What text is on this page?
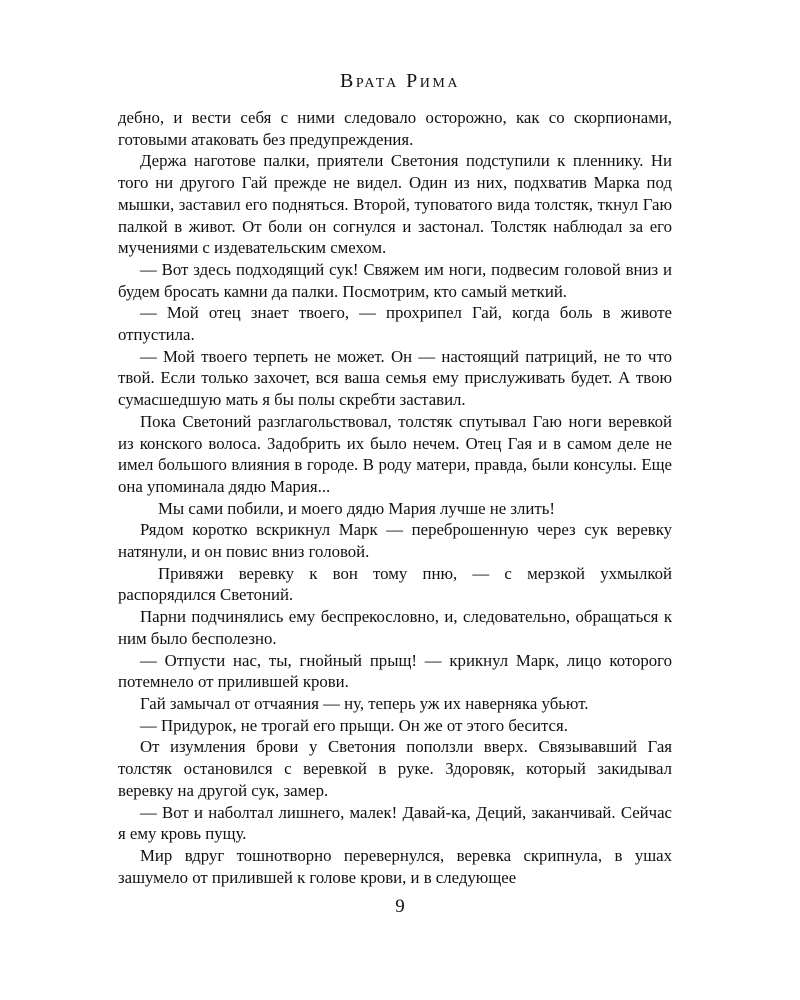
Врата Рима

дебно, и вести себя с ними следовало осторожно, как со скорпионами, готовыми атаковать без предупреждения.

Держа наготове палки, приятели Светония подступили к пленнику. Ни того ни другого Гай прежде не видел. Один из них, подхватив Марка под мышки, заставил его подняться. Второй, туповатого вида толстяк, ткнул Гаю палкой в живот. От боли он согнулся и застонал. Толстяк наблюдал за его мучениями с издевательским смехом.

— Вот здесь подходящий сук! Свяжем им ноги, подвесим головой вниз и будем бросать камни да палки. Посмотрим, кто самый меткий.

— Мой отец знает твоего, — прохрипел Гай, когда боль в животе отпустила.

— Мой твоего терпеть не может. Он — настоящий патриций, не то что твой. Если только захочет, вся ваша семья ему прислуживать будет. А твою сумасшедшую мать я бы полы скребти заставил.

Пока Светоний разглагольствовал, толстяк спутывал Гаю ноги веревкой из конского волоса. Задобрить их было нечем. Отец Гая и в самом деле не имел большого влияния в городе. В роду матери, правда, были консулы. Еще она упоминала дядю Мария...

Мы сами побили, и моего дядю Мария лучше не злить!

Рядом коротко вскрикнул Марк — переброшенную через сук веревку натянули, и он повис вниз головой.

Привяжи веревку к вон тому пню, — с мерзкой ухмылкой распорядился Светоний.

Парни подчинялись ему беспрекословно, и, следовательно, обращаться к ним было бесполезно.

— Отпусти нас, ты, гнойный прыщ! — крикнул Марк, лицо которого потемнело от прилившей крови.

Гай замычал от отчаяния — ну, теперь уж их наверняка убьют.

— Придурок, не трогай его прыщи. Он же от этого бесится.

От изумления брови у Светония поползли вверх. Связывавший Гая толстяк остановился с веревкой в руке. Здоровяк, который закидывал веревку на другой сук, замер.

— Вот и наболтал лишнего, малек! Давай-ка, Деций, заканчивай. Сейчас я ему кровь пущу.

Мир вдруг тошнотворно перевернулся, веревка скрипнула, в ушах зашумело от прилившей к голове крови, и в следующее

9
